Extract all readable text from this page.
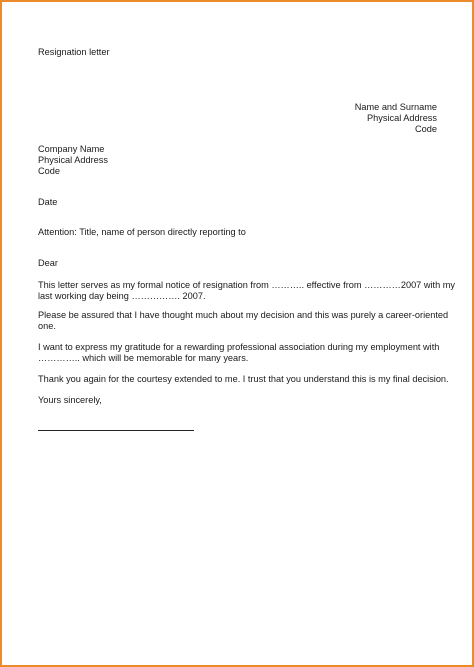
Resignation letter
Name and Surname
Physical Address
Code
Company Name
Physical Address
Code
Date
Attention: Title, name of person directly reporting to
Dear
This letter serves as my formal notice of resignation from ……….. effective from …………2007 with my
last working day being ……………. 2007.
Please be assured that I have thought much about my decision and this was purely a career-oriented
one.
I want to express my gratitude for a rewarding professional association during my employment with
………….. which will be memorable for many years.
Thank you again for the courtesy extended to me. I trust that you understand this is my final decision.
Yours sincerely,
